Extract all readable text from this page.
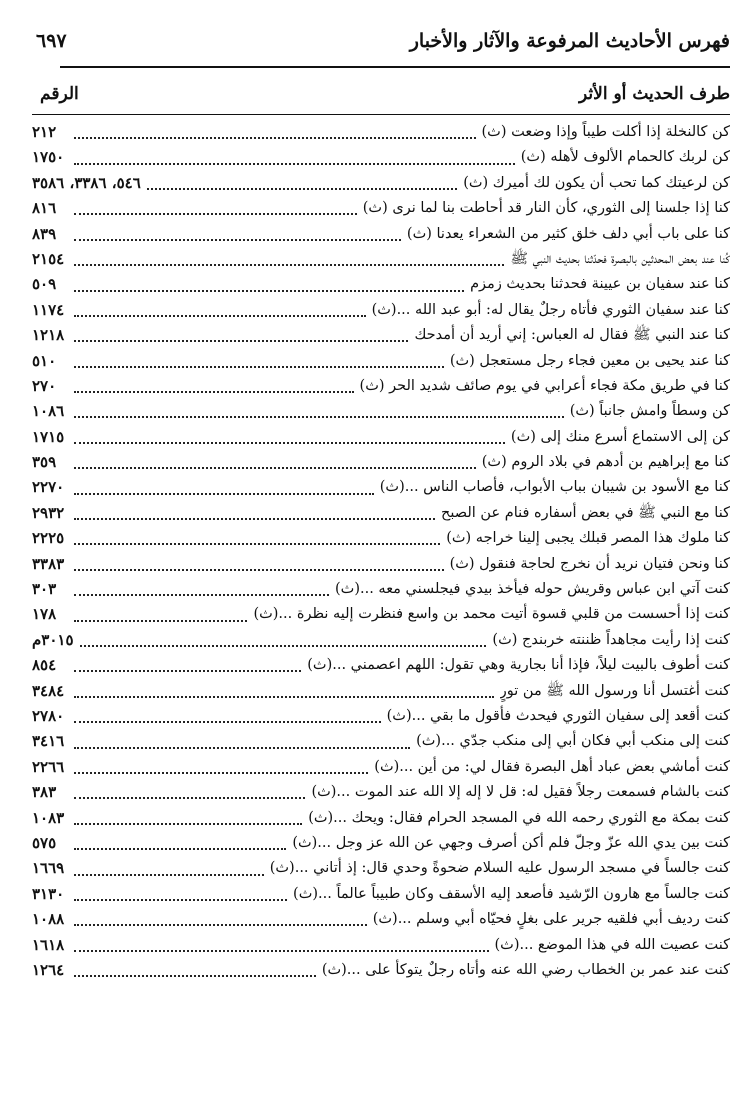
فهرس الأحاديث المرفوعة والآثار والأخبار
٦٩٧
طرف الحديث أو الأثر
الرقم
كن كالنخلة إذا أكلت طيباً وإذا وضعت (ث)
٢١٢
كن لربك كالحمام الألوف لأهله (ث)
١٧٥٠
كن لرعيتك كما تحب أن يكون لك أميرك (ث)
٥٤٦، ٣٣٨٦، ٣٥٨٦
كنا إذا جلسنا إلى الثوري، كأن النار قد أحاطت بنا لما نرى (ث)
٨١٦
كنا على باب أبي دلف خلق كثير من الشعراء يعدنا (ث)
٨٣٩
كُنا عند بعض المحدثين بالبصرة فحدّثنا بحديث النبي ﷺ
٢١٥٤
كنا عند سفيان بن عيينة فحدثنا بحديث زمزم
٥٠٩
كنا عند سفيان الثوري فأتاه رجلٌ يقال له: أبو عبد الله ...(ث)
١١٧٤
كنا عند النبي ﷺ فقال له العباس: إني أريد أن أمدحك
١٢١٨
كنا عند يحيى بن معين فجاء رجل مستعجل (ث)
٥١٠
كنا في طريق مكة فجاء أعرابي في يوم صائف شديد الحر (ث)
٢٧٠
كن وسطاً وامش جانباً (ث)
١٠٨٦
كن إلى الاستماع أسرع منك إلى (ث)
١٧١٥
كنا مع إبراهيم بن أدهم في بلاد الروم (ث)
٣٥٩
كنا مع الأسود بن شيبان بباب الأبواب، فأصاب الناس ...(ث)
٢٢٧٠
كنا مع النبي ﷺ في بعض أسفاره فنام عن الصبح
٢٩٣٢
كنا ملوك هذا المصر قبلك يجبى إلينا خراجه (ث)
٢٢٢٥
كنا ونحن فتيان نريد أن نخرج لحاجة فنقول (ث)
٣٣٨٣
كنت آتي ابن عباس وقريش حوله فيأخذ بيدي فيجلسني معه ...(ث)
٣٠٣
كنت إذا أحسست من قلبي قسوة أتيت محمد بن واسع فنظرت إليه نظرة ...(ث)
١٧٨
كنت إذا رأيت مجاهداً ظننته خربندج (ث)
٣٠١٥م
كنت أطوف بالبيت ليلاً، فإذا أنا بجارية وهي تقول: اللهم اعصمني ...(ث)
٨٥٤
كنت أغتسل أنا ورسول الله ﷺ من تورٍ
٣٤٨٤
كنت أقعد إلى سفيان الثوري فيحدث فأقول ما بقي ...(ث)
٢٧٨٠
كنت إلى منكب أبي فكان أبي إلى منكب جدّي ...(ث)
٣٤١٦
كنت أماشي بعض عباد أهل البصرة فقال لي: من أين ...(ث)
٢٢٦٦
كنت بالشام فسمعت رجلاً فقيل له: قل لا إله إلا الله عند الموت ...(ث)
٣٨٣
كنت بمكة مع الثوري رحمه الله في المسجد الحرام فقال: ويحك ...(ث)
١٠٨٣
كنت بين يدي الله عزّ وجلّ فلم أكن أصرف وجهي عن الله عز وجل ...(ث)
٥٧٥
كنت جالساً في مسجد الرسول عليه السلام ضحوةً وحدي قال: إذ أتاني ...(ث)
١٦٦٩
كنت جالساً مع هارون الرّشيد فأصعد إليه الأسقف وكان طبيباً عالماً ...(ث)
٣١٣٠
كنت رديف أبي فلقيه جرير على بغلٍ فحيّاه أبي وسلم ...(ث)
١٠٨٨
كنت عصيت الله في هذا الموضع ...(ث)
١٦١٨
كنت عند عمر بن الخطاب رضي الله عنه وأتاه رجلٌ يتوكأ على ...(ث)
١٢٦٤
